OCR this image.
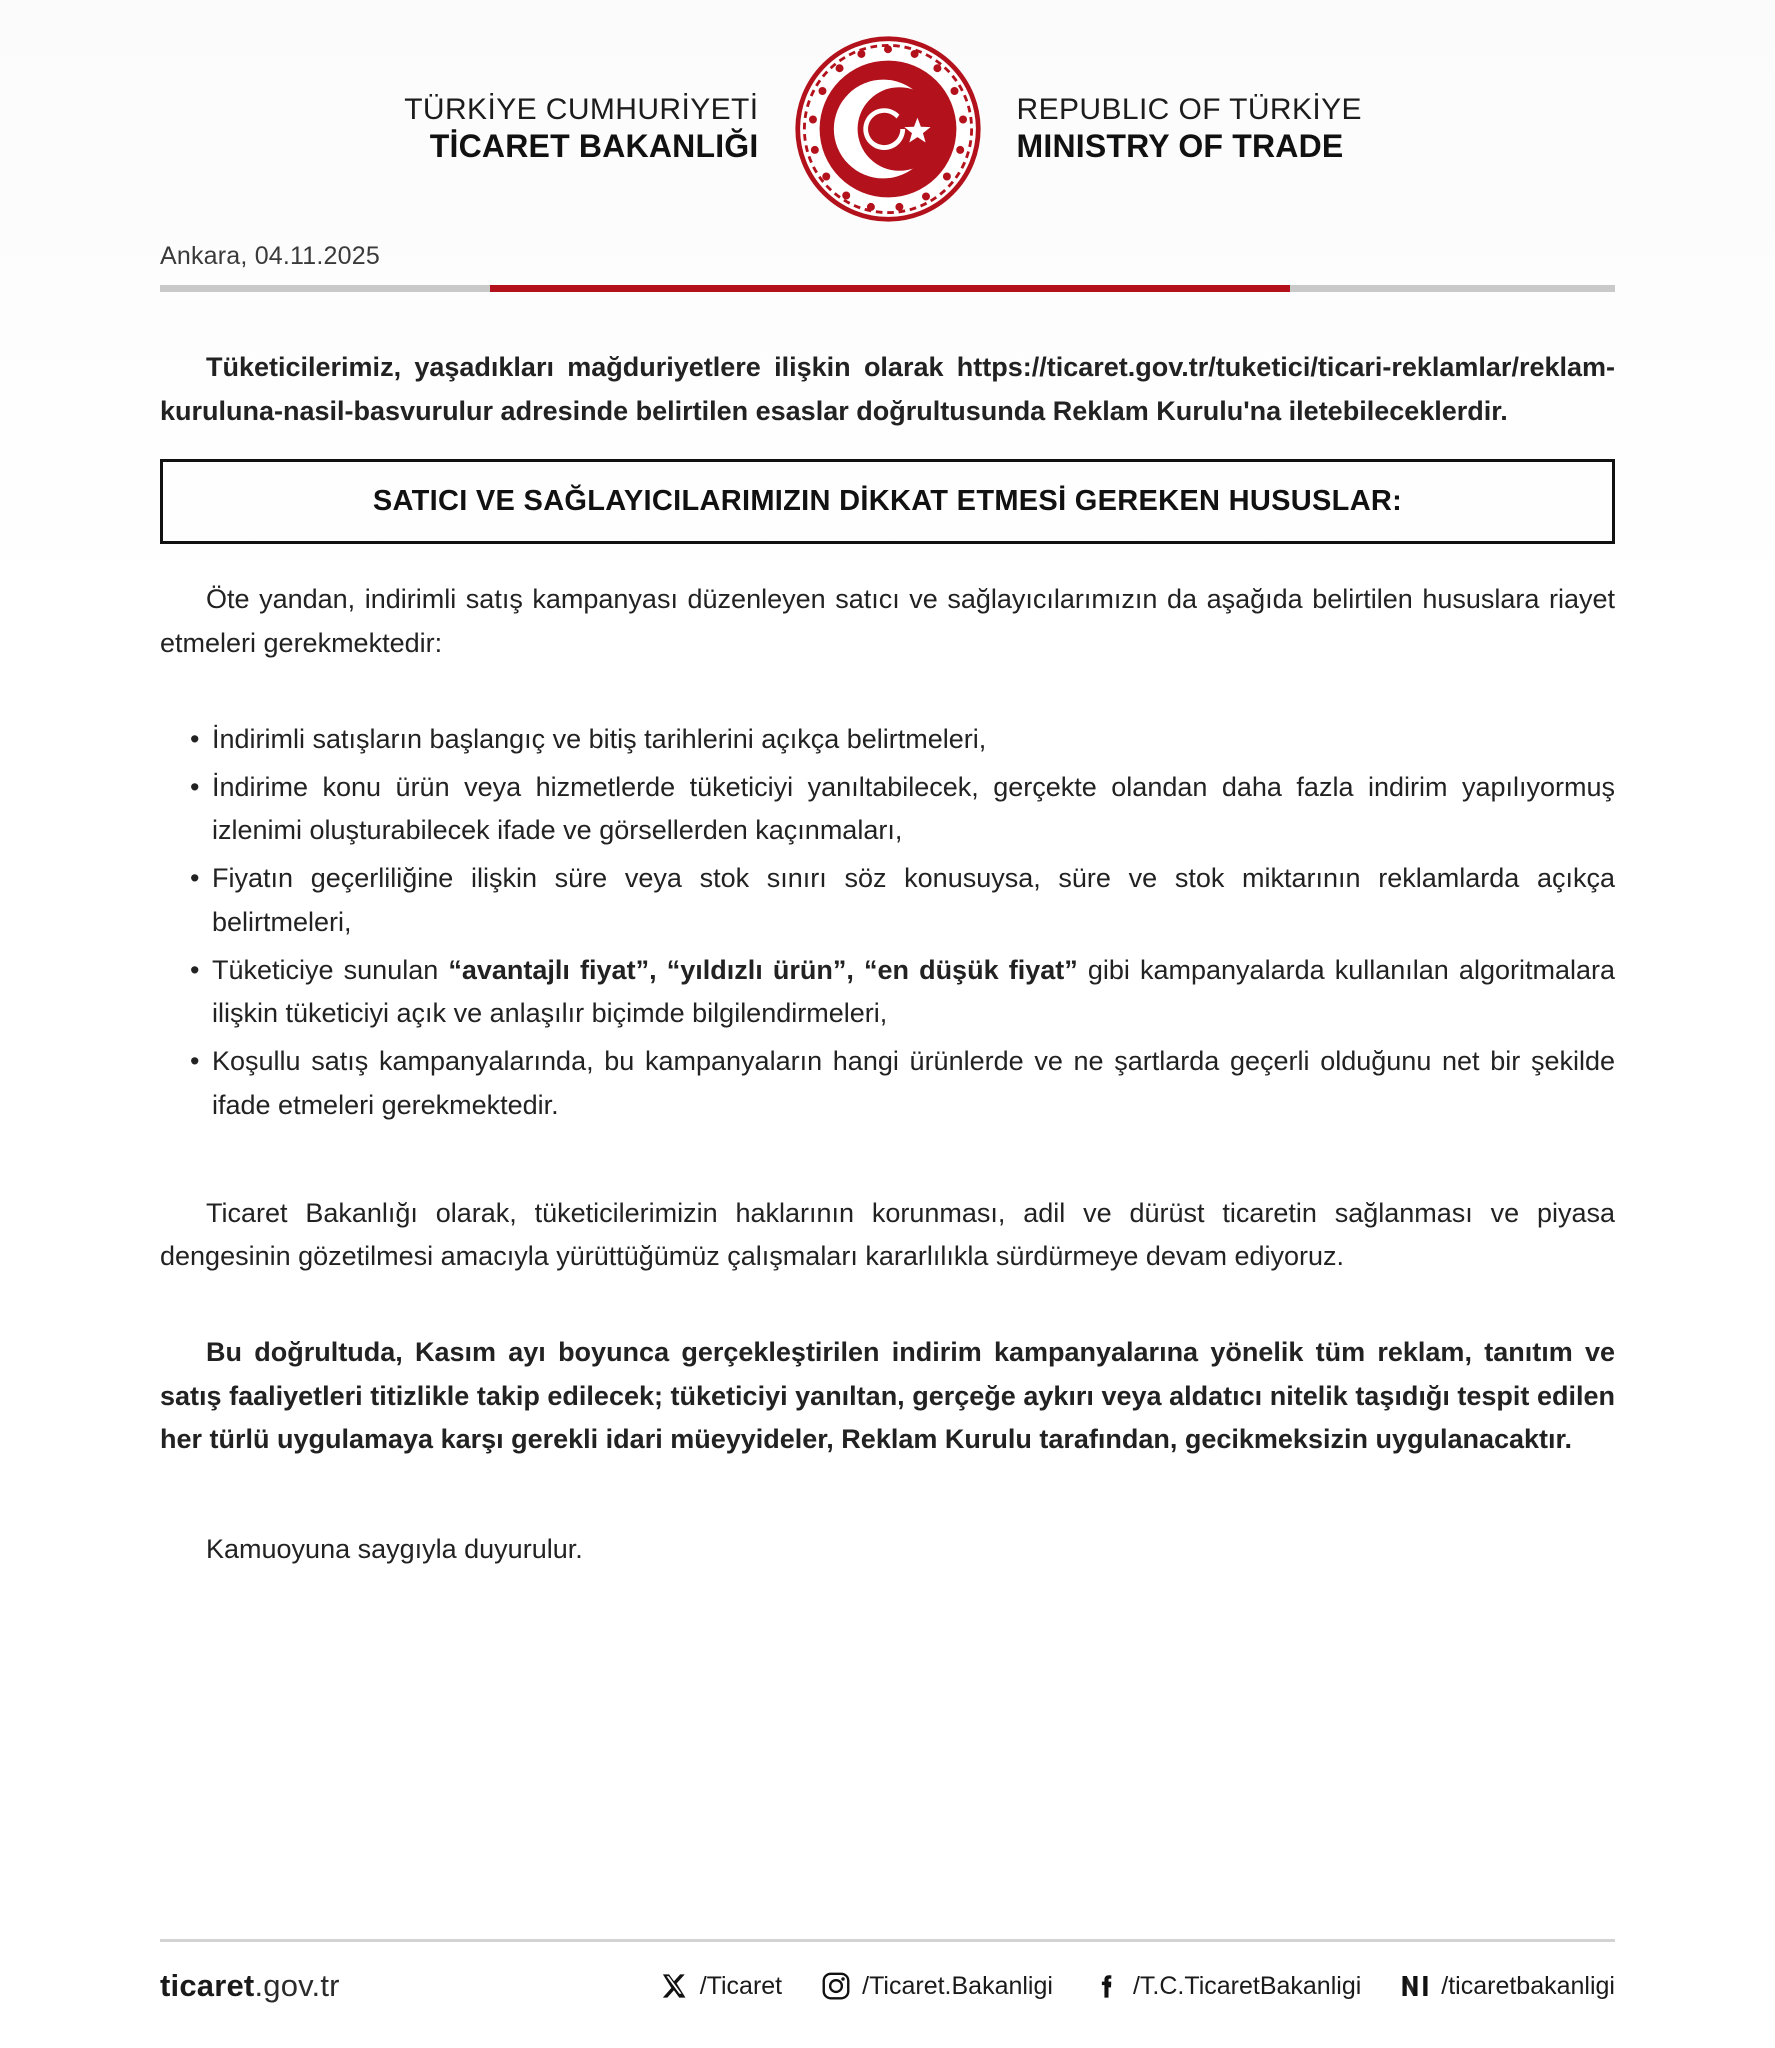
TÜRKİYE CUMHURİYETİ
TİCARET BAKANLIĞI
REPUBLIC OF TÜRKİYE
MINISTRY OF TRADE
Ankara, 04.11.2025

Tüketicilerimiz, yaşadıkları mağduriyetlere ilişkin olarak https://ticaret.gov.tr/tuketici/ticari-reklamlar/reklam-kuruluna-nasil-basvurulur adresinde belirtilen esaslar doğrultusunda Reklam Kurulu'na iletebileceklerdir.

SATICI VE SAĞLAYICILARIMIZIN DİKKAT ETMESİ GEREKEN HUSUSLAR:

Öte yandan, indirimli satış kampanyası düzenleyen satıcı ve sağlayıcılarımızın da aşağıda belirtilen hususlara riayet etmeleri gerekmektedir:

• İndirimli satışların başlangıç ve bitiş tarihlerini açıkça belirtmeleri,
• İndirime konu ürün veya hizmetlerde tüketiciyi yanıltabilecek, gerçekte olandan daha fazla indirim yapılıyormuş izlenimi oluşturabilecek ifade ve görsellerden kaçınmaları,
• Fiyatın geçerliliğine ilişkin süre veya stok sınırı söz konusuysa, süre ve stok miktarının reklamlarda açıkça belirtmeleri,
• Tüketiciye sunulan “avantajlı fiyat”, “yıldızlı ürün”, “en düşük fiyat” gibi kampanyalarda kullanılan algoritmalara ilişkin tüketiciyi açık ve anlaşılır biçimde bilgilendirmeleri,
• Koşullu satış kampanyalarında, bu kampanyaların hangi ürünlerde ve ne şartlarda geçerli olduğunu net bir şekilde ifade etmeleri gerekmektedir.

Ticaret Bakanlığı olarak, tüketicilerimizin haklarının korunması, adil ve dürüst ticaretin sağlanması ve piyasa dengesinin gözetilmesi amacıyla yürüttüğümüz çalışmaları kararlılıkla sürdürmeye devam ediyoruz.

Bu doğrultuda, Kasım ayı boyunca gerçekleştirilen indirim kampanyalarına yönelik tüm reklam, tanıtım ve satış faaliyetleri titizlikle takip edilecek; tüketiciyi yanıltan, gerçeğe aykırı veya aldatıcı nitelik taşıdığı tespit edilen her türlü uygulamaya karşı gerekli idari müeyyideler, Reklam Kurulu tarafından, gecikmeksizin uygulanacaktır.

Kamuoyuna saygıyla duyurulur.

ticaret.gov.tr	/Ticaret	/Ticaret.Bakanligi	/T.C.TicaretBakanligi	/ticaretbakanligi
